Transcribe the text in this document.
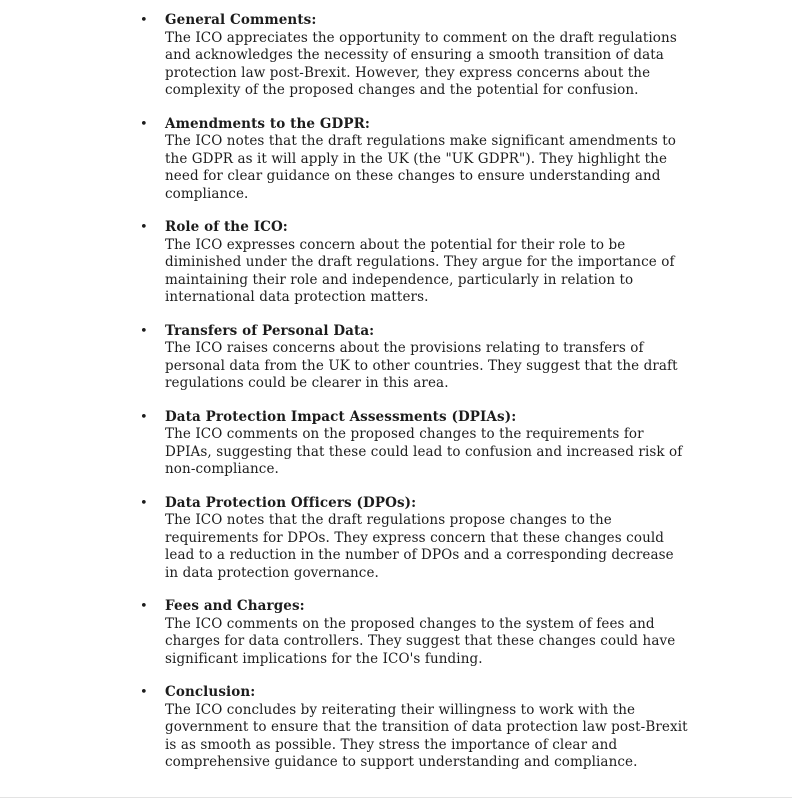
•	General Comments:
The ICO appreciates the opportunity to comment on the draft regulations and acknowledges the necessity of ensuring a smooth transition of data protection law post-Brexit. However, they express concerns about the complexity of the proposed changes and the potential for confusion.
•	Amendments to the GDPR:
The ICO notes that the draft regulations make significant amendments to the GDPR as it will apply in the UK (the "UK GDPR"). They highlight the need for clear guidance on these changes to ensure understanding and compliance.
•	Role of the ICO:
The ICO expresses concern about the potential for their role to be diminished under the draft regulations. They argue for the importance of maintaining their role and independence, particularly in relation to international data protection matters.
•	Transfers of Personal Data:
The ICO raises concerns about the provisions relating to transfers of personal data from the UK to other countries. They suggest that the draft regulations could be clearer in this area.
•	Data Protection Impact Assessments (DPIAs):
The ICO comments on the proposed changes to the requirements for DPIAs, suggesting that these could lead to confusion and increased risk of non-compliance.
•	Data Protection Officers (DPOs):
The ICO notes that the draft regulations propose changes to the requirements for DPOs. They express concern that these changes could lead to a reduction in the number of DPOs and a corresponding decrease in data protection governance.
•	Fees and Charges:
The ICO comments on the proposed changes to the system of fees and charges for data controllers. They suggest that these changes could have significant implications for the ICO's funding.
•	Conclusion:
The ICO concludes by reiterating their willingness to work with the government to ensure that the transition of data protection law post-Brexit is as smooth as possible. They stress the importance of clear and comprehensive guidance to support understanding and compliance.
